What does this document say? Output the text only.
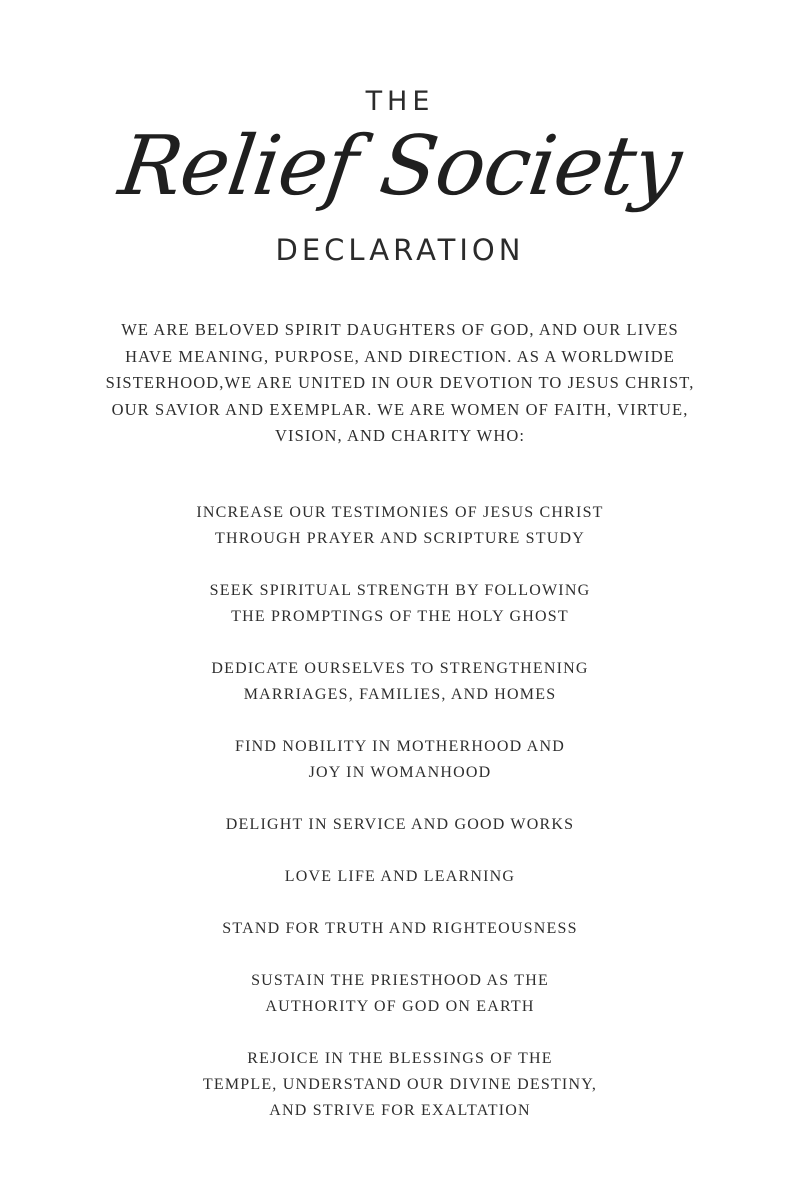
THE
Relief Society
DECLARATION
WE ARE BELOVED SPIRIT DAUGHTERS OF GOD, AND OUR LIVES
HAVE MEANING, PURPOSE, AND DIRECTION. AS A WORLDWIDE
SISTERHOOD,WE ARE UNITED IN OUR DEVOTION TO JESUS CHRIST,
OUR SAVIOR AND EXEMPLAR. WE ARE WOMEN OF FAITH, VIRTUE,
VISION, AND CHARITY WHO:
INCREASE OUR TESTIMONIES OF JESUS CHRIST
THROUGH PRAYER AND SCRIPTURE STUDY
SEEK SPIRITUAL STRENGTH BY FOLLOWING
THE PROMPTINGS OF THE HOLY GHOST
DEDICATE OURSELVES TO STRENGTHENING
MARRIAGES, FAMILIES, AND HOMES
FIND NOBILITY IN MOTHERHOOD AND
JOY IN WOMANHOOD
DELIGHT IN SERVICE AND GOOD WORKS
LOVE LIFE AND LEARNING
STAND FOR TRUTH AND RIGHTEOUSNESS
SUSTAIN THE PRIESTHOOD AS THE
AUTHORITY OF GOD ON EARTH
REJOICE IN THE BLESSINGS OF THE
TEMPLE, UNDERSTAND OUR DIVINE DESTINY,
AND STRIVE FOR EXALTATION
